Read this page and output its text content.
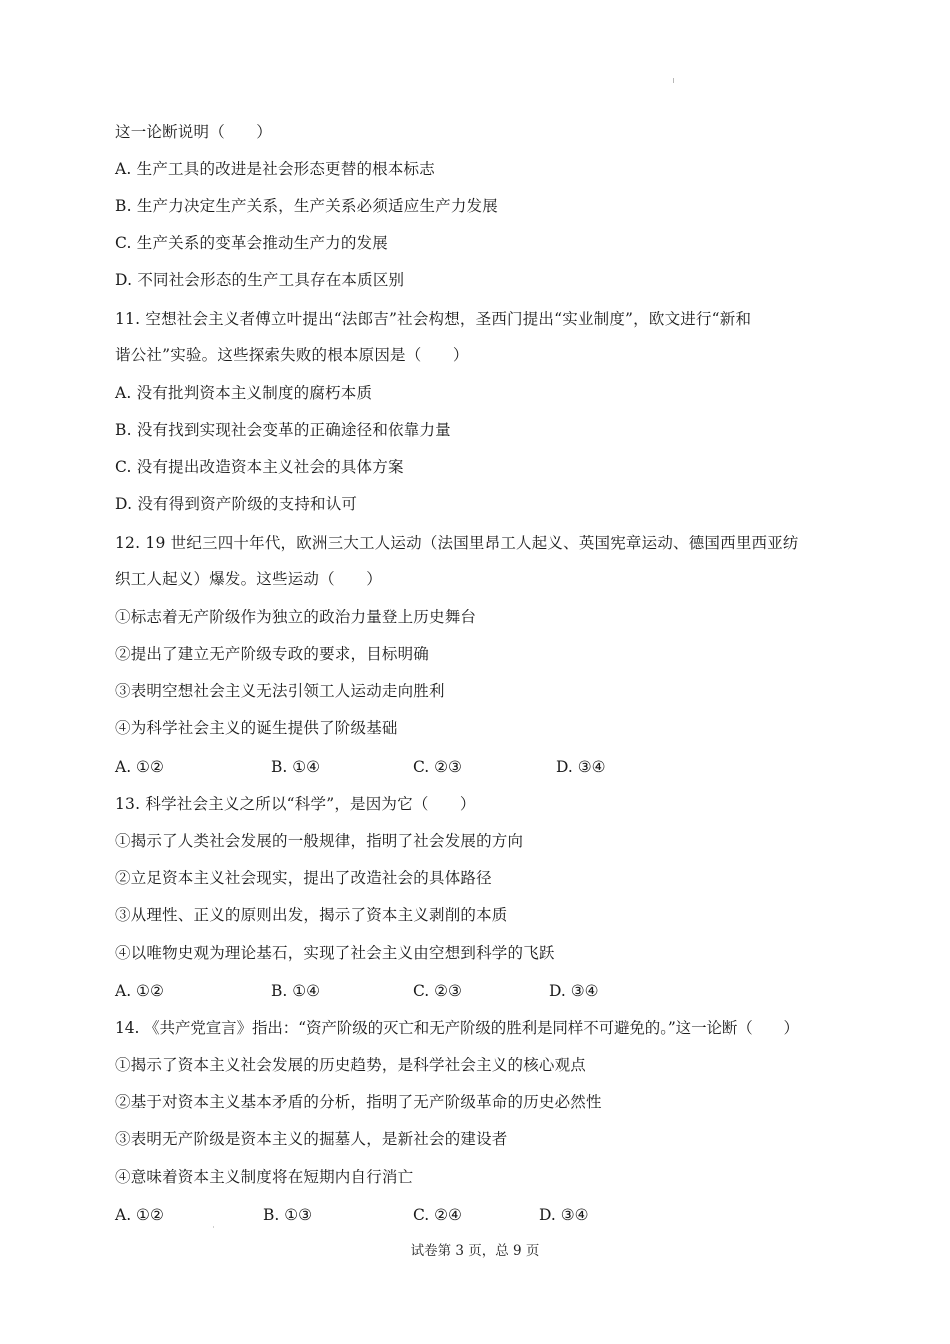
这一论断说明（　　）
A. 生产工具的改进是社会形态更替的根本标志
B. 生产力决定生产关系，生产关系必须适应生产力发展
C. 生产关系的变革会推动生产力的发展
D. 不同社会形态的生产工具存在本质区别
11. 空想社会主义者傅立叶提出“法郎吉”社会构想，圣西门提出“实业制度”，欧文进行“新和
谐公社”实验。这些探索失败的根本原因是（　　）
A. 没有批判资本主义制度的腐朽本质
B. 没有找到实现社会变革的正确途径和依靠力量
C. 没有提出改造资本主义社会的具体方案
D. 没有得到资产阶级的支持和认可
12. 19 世纪三四十年代，欧洲三大工人运动（法国里昂工人起义、英国宪章运动、德国西里西亚纺
织工人起义）爆发。这些运动（　　）
①标志着无产阶级作为独立的政治力量登上历史舞台
②提出了建立无产阶级专政的要求，目标明确
③表明空想社会主义无法引领工人运动走向胜利
④为科学社会主义的诞生提供了阶级基础
A. ①②	B. ①④	C. ②③	D. ③④
13. 科学社会主义之所以“科学”，是因为它（　　）
①揭示了人类社会发展的一般规律，指明了社会发展的方向
②立足资本主义社会现实，提出了改造社会的具体路径
③从理性、正义的原则出发，揭示了资本主义剥削的本质
④以唯物史观为理论基石，实现了社会主义由空想到科学的飞跃
A. ①②	B. ①④	C. ②③	D. ③④
14. 《共产党宣言》指出：“资产阶级的灭亡和无产阶级的胜利是同样不可避免的。”这一论断（　　）
①揭示了资本主义社会发展的历史趋势，是科学社会主义的核心观点
②基于对资本主义基本矛盾的分析，指明了无产阶级革命的历史必然性
③表明无产阶级是资本主义的掘墓人，是新社会的建设者
④意味着资本主义制度将在短期内自行消亡
A. ①②	B. ①③	C. ②④	D. ③④
试卷第 3 页，总 9 页
